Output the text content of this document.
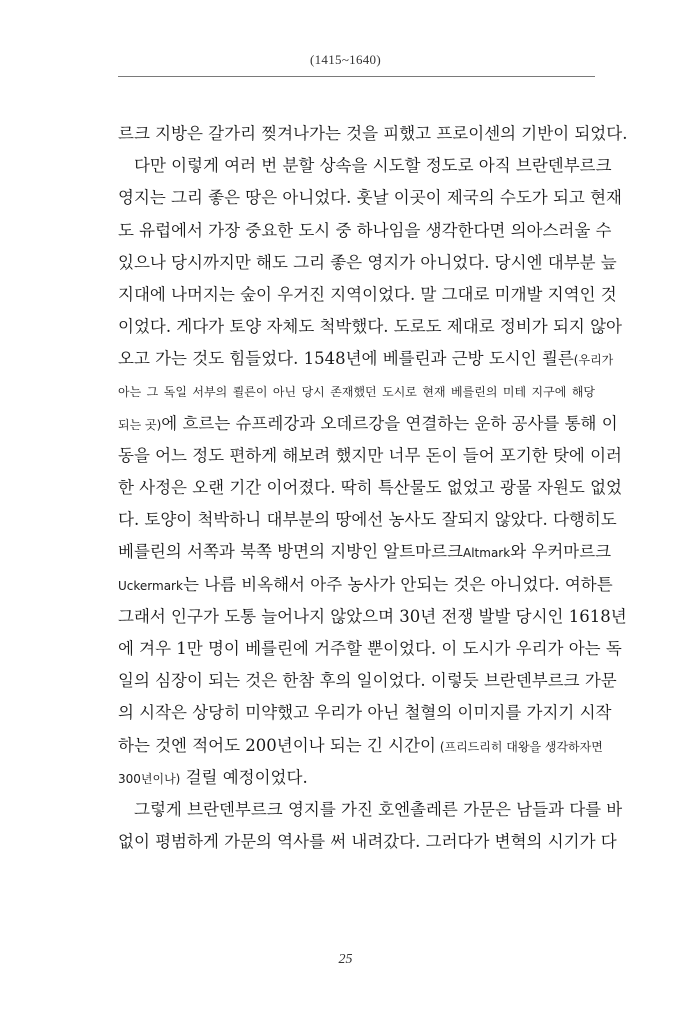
(1415~1640)
르크 지방은 갈가리 찢겨나가는 것을 피했고 프로이센의 기반이 되었다.
다만 이렇게 여러 번 분할 상속을 시도할 정도로 아직 브란덴부르크
영지는 그리 좋은 땅은 아니었다. 훗날 이곳이 제국의 수도가 되고 현재
도 유럽에서 가장 중요한 도시 중 하나임을 생각한다면 의아스러울 수
있으나 당시까지만 해도 그리 좋은 영지가 아니었다. 당시엔 대부분 늪
지대에 나머지는 숲이 우거진 지역이었다. 말 그대로 미개발 지역인 것
이었다. 게다가 토양 자체도 척박했다. 도로도 제대로 정비가 되지 않아
오고 가는 것도 힘들었다. 1548년에 베를린과 근방 도시인 쾰른(우리가
아는 그 독일 서부의 쾰른이 아닌 당시 존재했던 도시로 현재 베를린의 미테 지구에 해당
되는 곳)에 흐르는 슈프레강과 오데르강을 연결하는 운하 공사를 통해 이
동을 어느 정도 편하게 해보려 했지만 너무 돈이 들어 포기한 탓에 이러
한 사정은 오랜 기간 이어졌다. 딱히 특산물도 없었고 광물 자원도 없었
다. 토양이 척박하니 대부분의 땅에선 농사도 잘되지 않았다. 다행히도
베를린의 서쪽과 북쪽 방면의 지방인 알트마르크Altmark와 우커마르크
Uckermark는 나름 비옥해서 아주 농사가 안되는 것은 아니었다. 여하튼
그래서 인구가 도통 늘어나지 않았으며 30년 전쟁 발발 당시인 1618년
에 겨우 1만 명이 베를린에 거주할 뿐이었다. 이 도시가 우리가 아는 독
일의 심장이 되는 것은 한참 후의 일이었다. 이렇듯 브란덴부르크 가문
의 시작은 상당히 미약했고 우리가 아닌 철혈의 이미지를 가지기 시작
하는 것엔 적어도 200년이나 되는 긴 시간이 (프리드리히 대왕을 생각하자면
300년이나) 걸릴 예정이었다.
그렇게 브란덴부르크 영지를 가진 호엔촐레른 가문은 남들과 다를 바
없이 평범하게 가문의 역사를 써 내려갔다. 그러다가 변혁의 시기가 다
25
